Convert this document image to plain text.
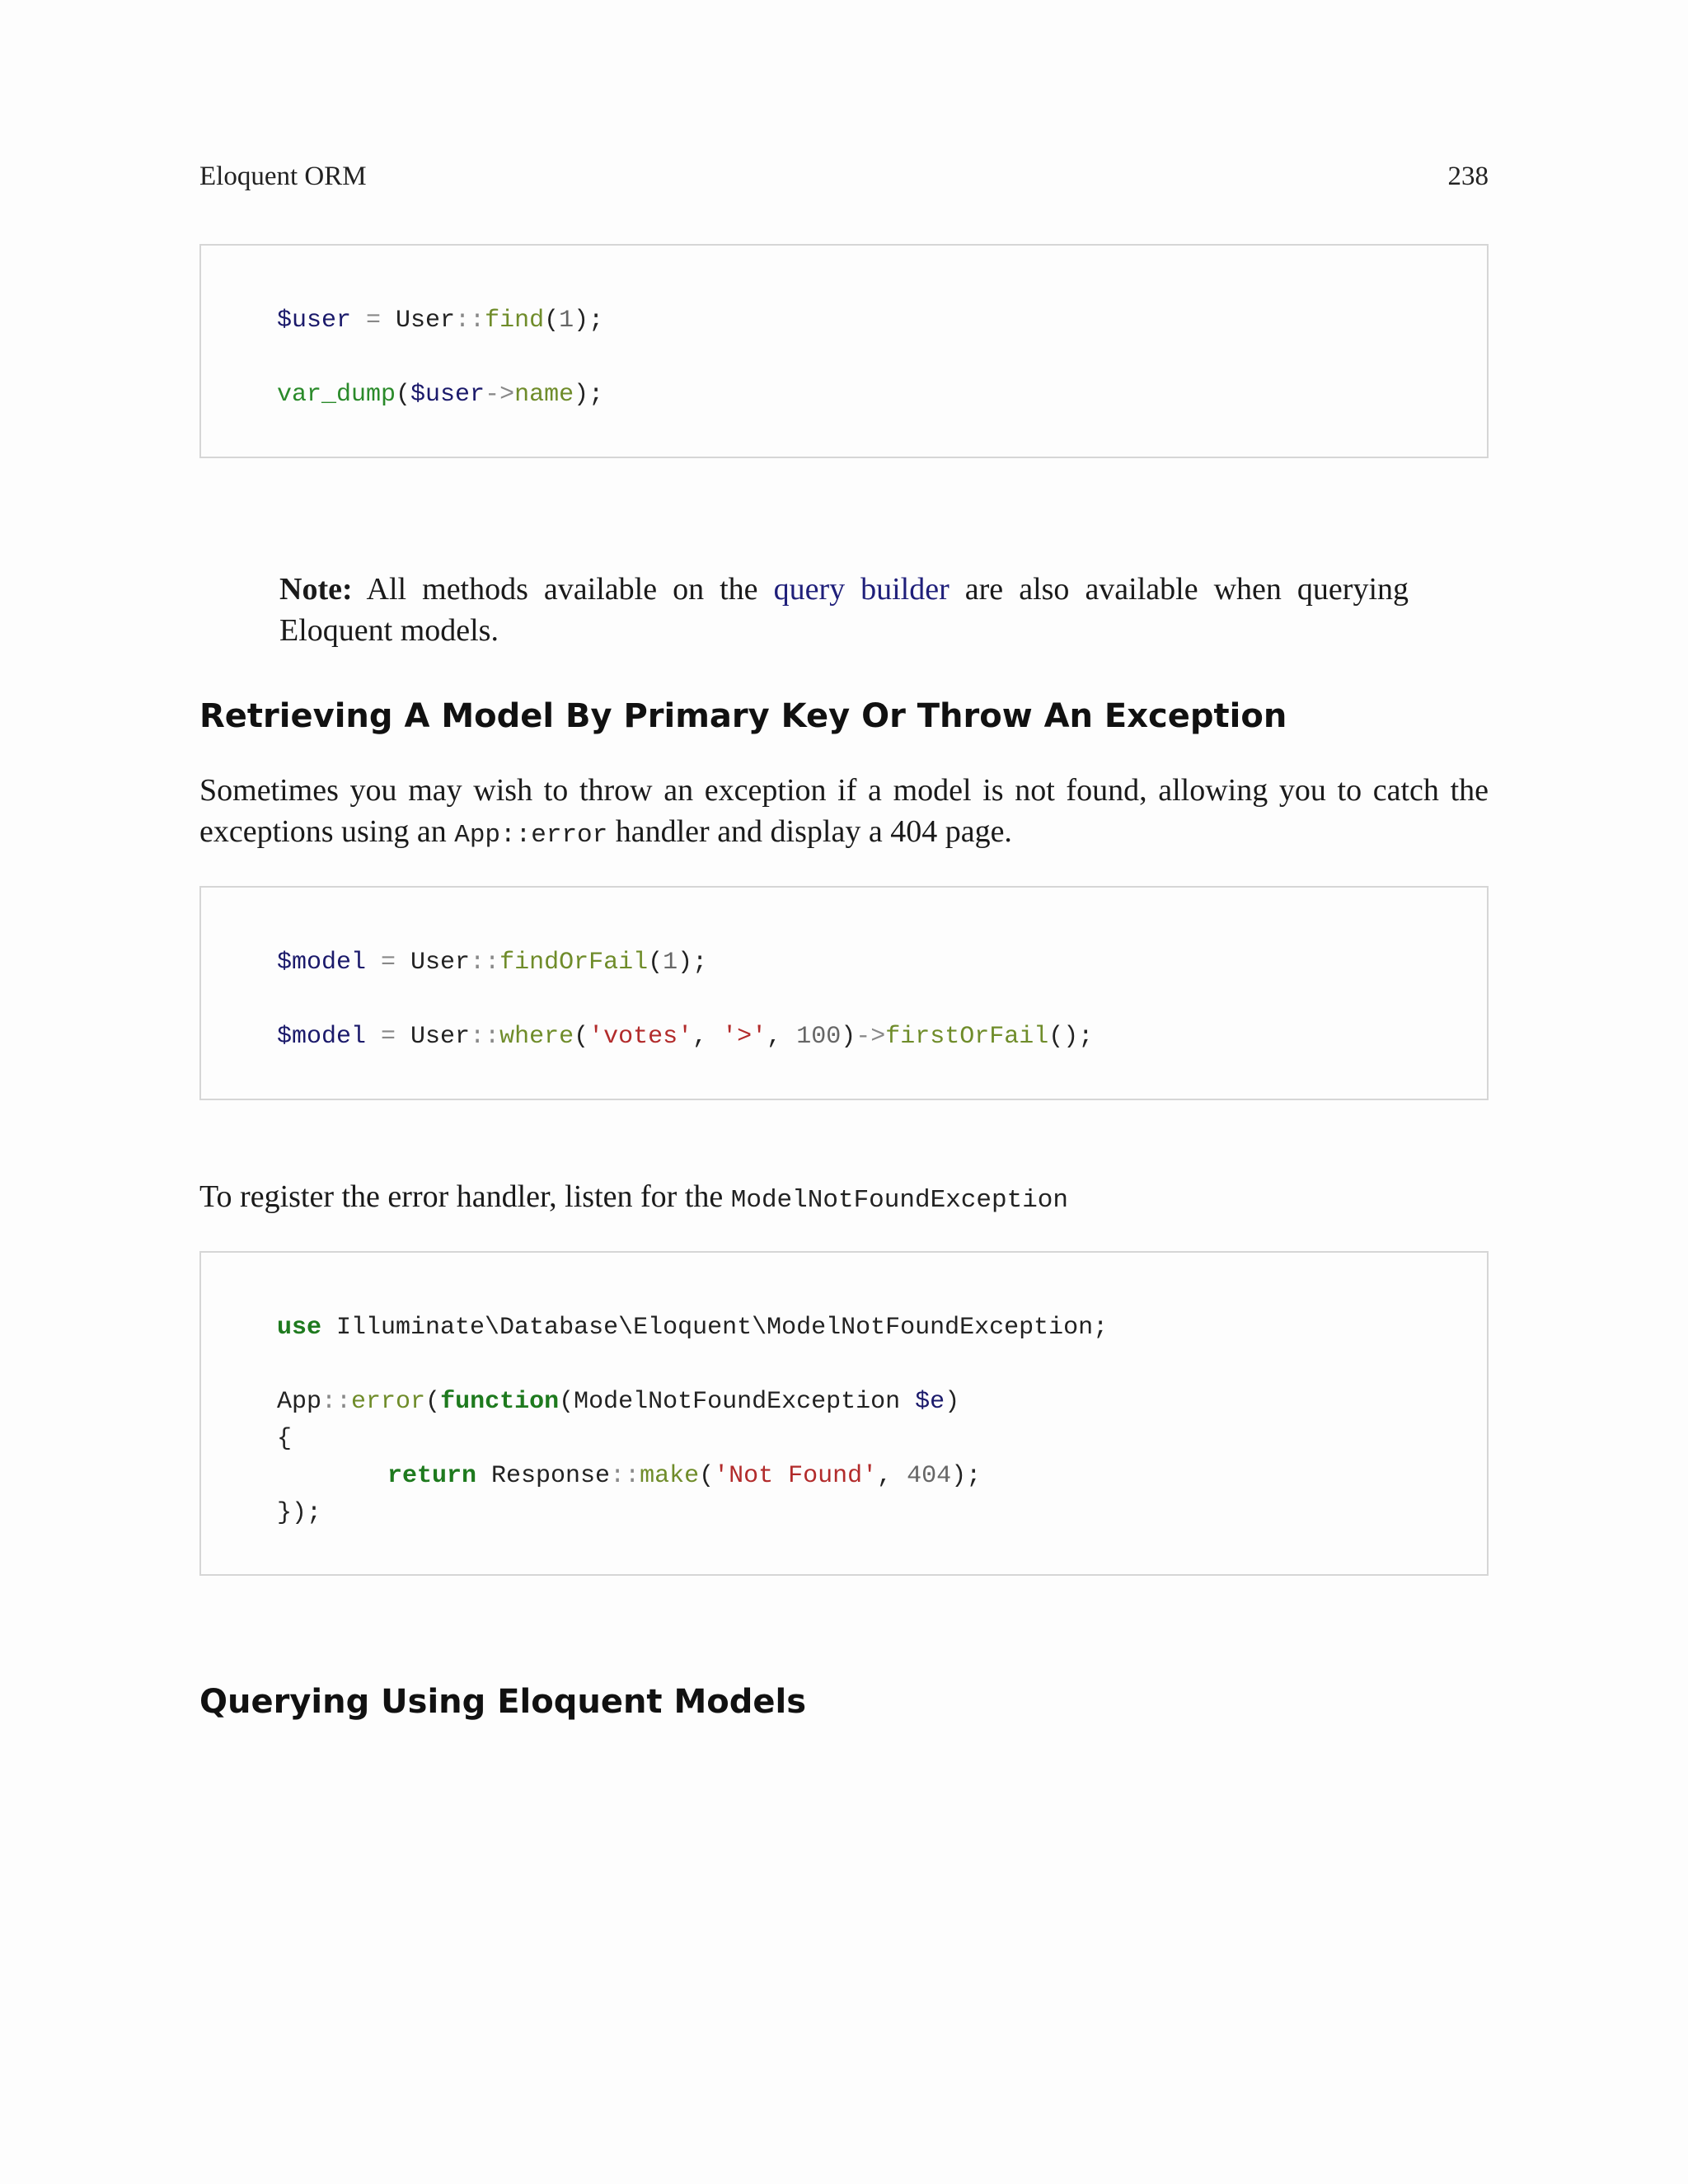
Eloquent ORM	238
$user = User::find(1);
var_dump($user->name);
Note: All methods available on the query builder are also available when querying Eloquent models.
Retrieving A Model By Primary Key Or Throw An Exception
Sometimes you may wish to throw an exception if a model is not found, allowing you to catch the exceptions using an App::error handler and display a 404 page.
$model = User::findOrFail(1);
$model = User::where('votes', '>', 100)->firstOrFail();
To register the error handler, listen for the ModelNotFoundException
use Illuminate\Database\Eloquent\ModelNotFoundException;
App::error(function(ModelNotFoundException $e)
{
return Response::make('Not Found', 404);
});
Querying Using Eloquent Models
